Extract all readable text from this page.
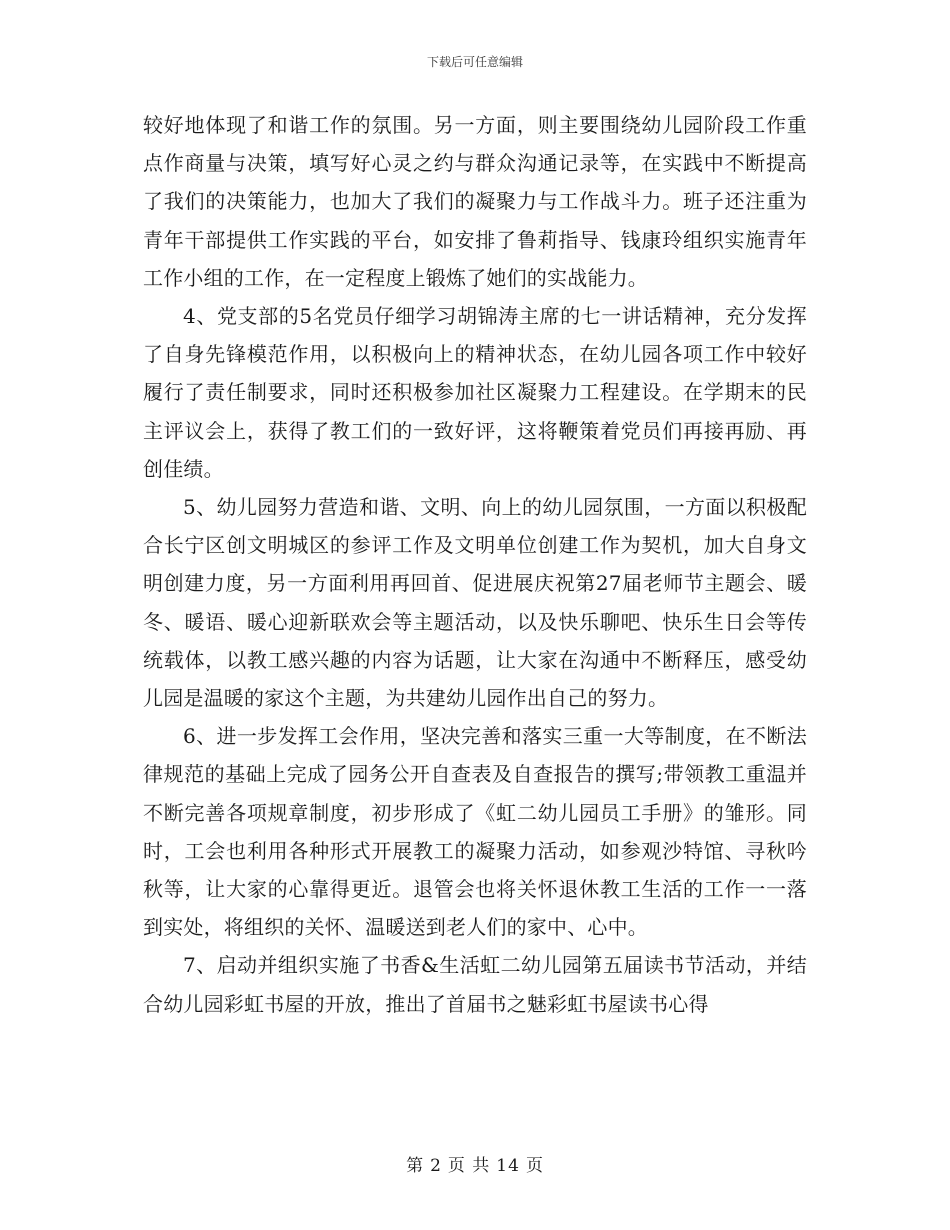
下载后可任意编辑

较好地体现了和谐工作的氛围。另一方面，则主要围绕幼儿园阶段工作重点作商量与决策，填写好心灵之约与群众沟通记录等，在实践中不断提高了我们的决策能力，也加大了我们的凝聚力与工作战斗力。班子还注重为青年干部提供工作实践的平台，如安排了鲁莉指导、钱康玲组织实施青年工作小组的工作，在一定程度上锻炼了她们的实战能力。

4、党支部的5名党员仔细学习胡锦涛主席的七一讲话精神，充分发挥了自身先锋模范作用，以积极向上的精神状态，在幼儿园各项工作中较好履行了责任制要求，同时还积极参加社区凝聚力工程建设。在学期末的民主评议会上，获得了教工们的一致好评，这将鞭策着党员们再接再励、再创佳绩。

5、幼儿园努力营造和谐、文明、向上的幼儿园氛围，一方面以积极配合长宁区创文明城区的参评工作及文明单位创建工作为契机，加大自身文明创建力度，另一方面利用再回首、促进展庆祝第27届老师节主题会、暖冬、暖语、暖心迎新联欢会等主题活动，以及快乐聊吧、快乐生日会等传统载体，以教工感兴趣的内容为话题，让大家在沟通中不断释压，感受幼儿园是温暖的家这个主题，为共建幼儿园作出自己的努力。

6、进一步发挥工会作用，坚决完善和落实三重一大等制度，在不断法律规范的基础上完成了园务公开自查表及自查报告的撰写;带领教工重温并不断完善各项规章制度，初步形成了《虹二幼儿园员工手册》的雏形。同时，工会也利用各种形式开展教工的凝聚力活动，如参观沙特馆、寻秋吟秋等，让大家的心靠得更近。退管会也将关怀退休教工生活的工作一一落到实处，将组织的关怀、温暖送到老人们的家中、心中。

7、启动并组织实施了书香&生活虹二幼儿园第五届读书节活动，并结合幼儿园彩虹书屋的开放，推出了首届书之魅彩虹书屋读书心得

第 2 页 共 14 页
